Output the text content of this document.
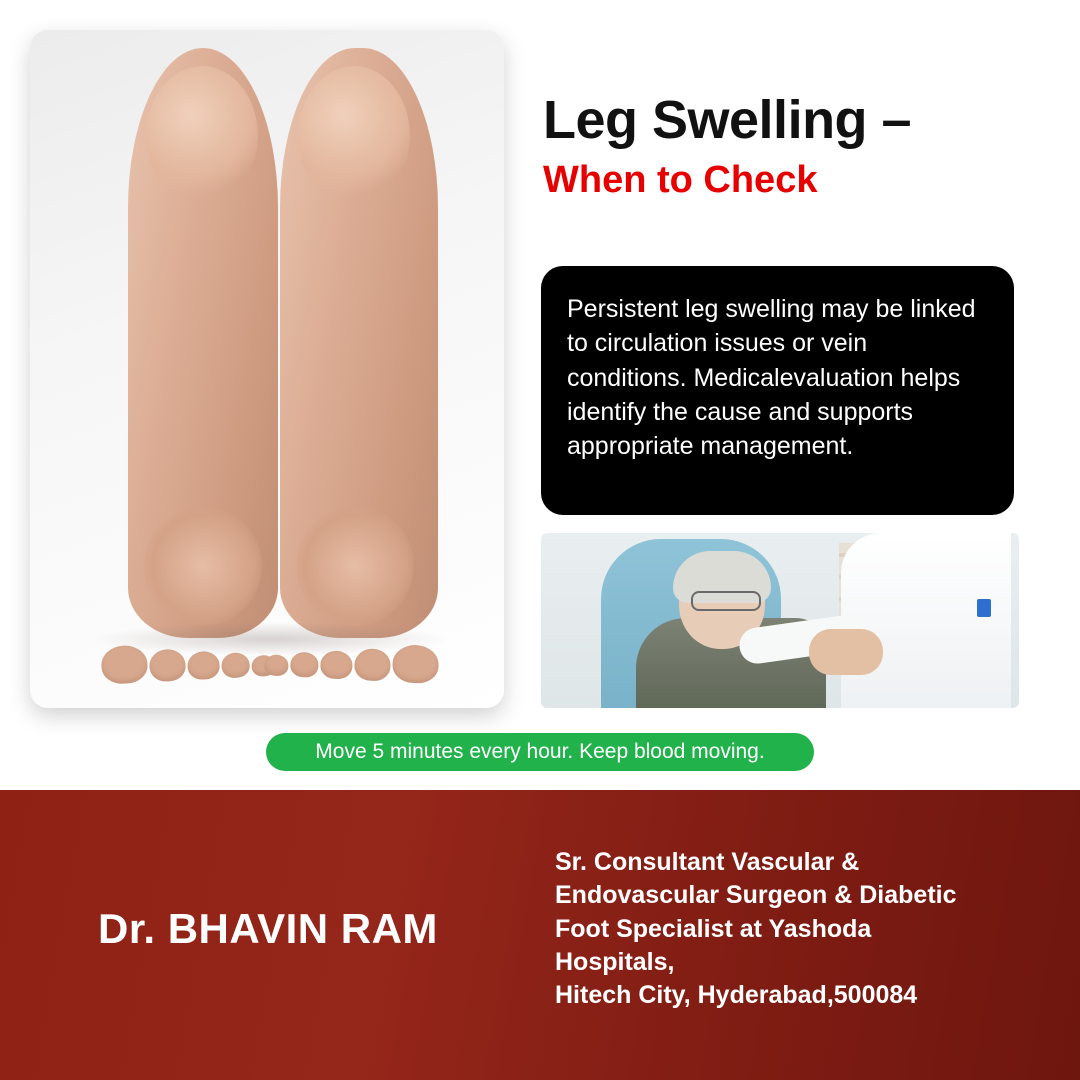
Leg Swelling –
When to Check

Persistent leg swelling may be linked to circulation issues or vein conditions. Medicalevaluation helps identify the cause and supports appropriate management.

Move 5 minutes every hour. Keep blood moving.
Dr. BHAVIN RAM
Sr. Consultant Vascular &
Endovascular Surgeon & Diabetic
Foot Specialist at Yashoda
Hospitals,
Hitech City, Hyderabad,500084
